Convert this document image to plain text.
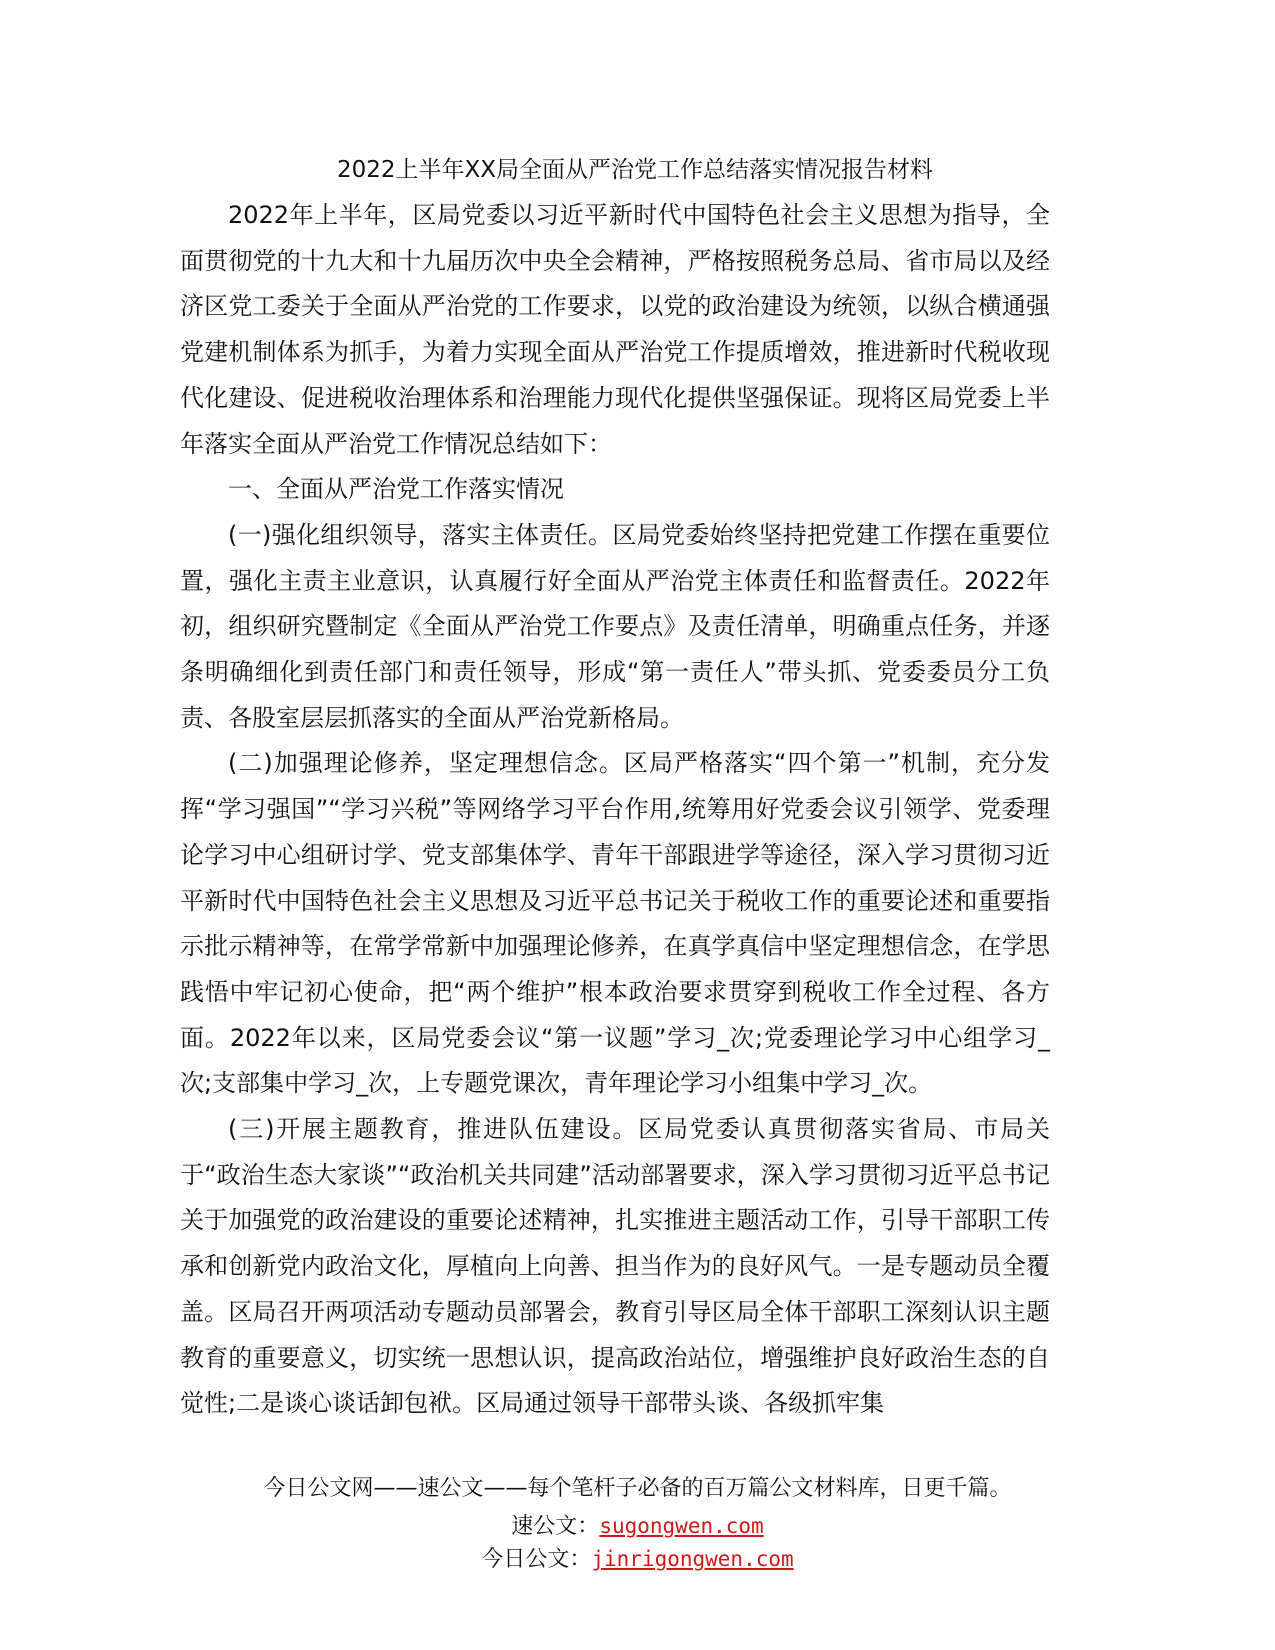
2022上半年XX局全面从严治党工作总结落实情况报告材料

2022年上半年，区局党委以习近平新时代中国特色社会主义思想为指导，全面贯彻党的十九大和十九届历次中央全会精神，严格按照税务总局、省市局以及经济区党工委关于全面从严治党的工作要求，以党的政治建设为统领，以纵合横通强党建机制体系为抓手，为着力实现全面从严治党工作提质增效，推进新时代税收现代化建设、促进税收治理体系和治理能力现代化提供坚强保证。现将区局党委上半年落实全面从严治党工作情况总结如下：

一、全面从严治党工作落实情况

(一)强化组织领导，落实主体责任。区局党委始终坚持把党建工作摆在重要位置，强化主责主业意识，认真履行好全面从严治党主体责任和监督责任。2022年初，组织研究暨制定《全面从严治党工作要点》及责任清单，明确重点任务，并逐条明确细化到责任部门和责任领导，形成“第一责任人”带头抓、党委委员分工负责、各股室层层抓落实的全面从严治党新格局。

(二)加强理论修养，坚定理想信念。区局严格落实“四个第一”机制，充分发挥“学习强国”“学习兴税”等网络学习平台作用,统筹用好党委会议引领学、党委理论学习中心组研讨学、党支部集体学、青年干部跟进学等途径，深入学习贯彻习近平新时代中国特色社会主义思想及习近平总书记关于税收工作的重要论述和重要指示批示精神等，在常学常新中加强理论修养，在真学真信中坚定理想信念，在学思践悟中牢记初心使命，把“两个维护”根本政治要求贯穿到税收工作全过程、各方面。2022年以来，区局党委会议“第一议题”学习_次;党委理论学习中心组学习_次;支部集中学习_次，上专题党课次，青年理论学习小组集中学习_次。

(三)开展主题教育，推进队伍建设。区局党委认真贯彻落实省局、市局关于“政治生态大家谈”“政治机关共同建”活动部署要求，深入学习贯彻习近平总书记关于加强党的政治建设的重要论述精神，扎实推进主题活动工作，引导干部职工传承和创新党内政治文化，厚植向上向善、担当作为的良好风气。一是专题动员全覆盖。区局召开两项活动专题动员部署会，教育引导区局全体干部职工深刻认识主题教育的重要意义，切实统一思想认识，提高政治站位，增强维护良好政治生态的自觉性;二是谈心谈话卸包袱。区局通过领导干部带头谈、各级抓牢集

今日公文网——速公文——每个笔杆子必备的百万篇公文材料库，日更千篇。
速公文：sugongwen.com
今日公文：jinrigongwen.com
